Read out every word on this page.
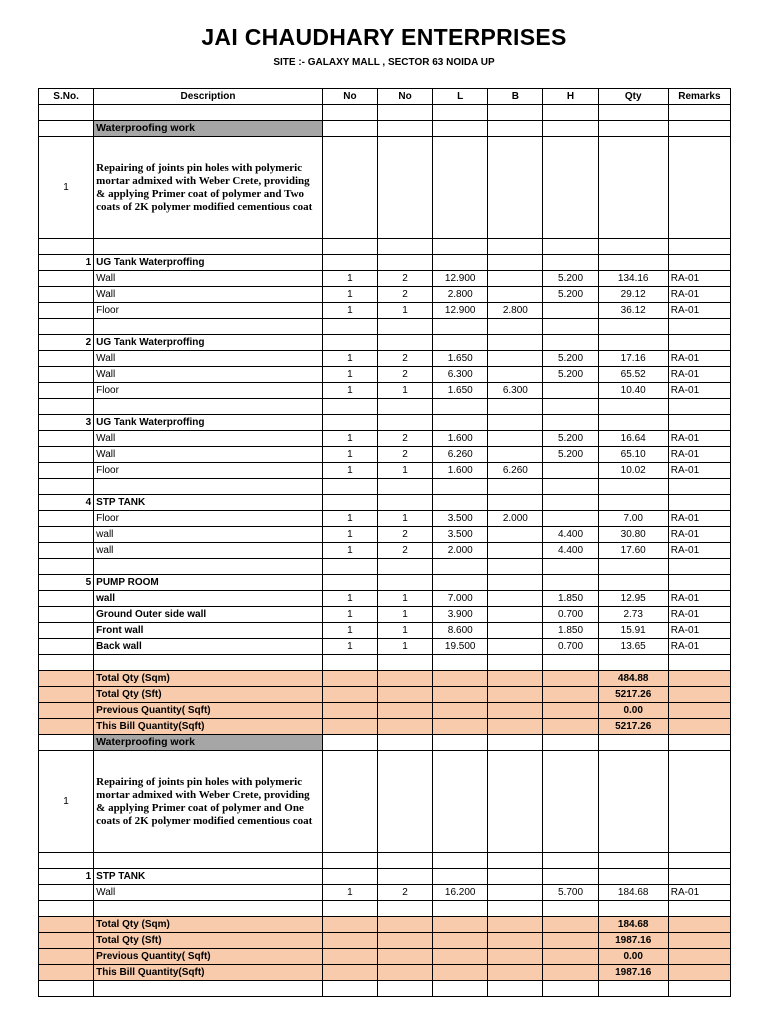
JAI CHAUDHARY ENTERPRISES
SITE :- GALAXY MALL , SECTOR 63 NOIDA UP
S.No.	Description	No	No	L	B	H	Qty	Remarks

	Waterproofing work							
1	Repairing of joints pin holes with polymeric mortar admixed with Weber Crete, providing & applying Primer coat of polymer and Two coats of 2K polymer modified cementious coat							

1	UG Tank Waterproffing							
	Wall	1	2	12.900		5.200	134.16	RA-01
	Wall	1	2	2.800		5.200	29.12	RA-01
	Floor	1	1	12.900	2.800		36.12	RA-01

2	UG Tank Waterproffing							
	Wall	1	2	1.650		5.200	17.16	RA-01
	Wall	1	2	6.300		5.200	65.52	RA-01
	Floor	1	1	1.650	6.300		10.40	RA-01

3	UG Tank Waterproffing							
	Wall	1	2	1.600		5.200	16.64	RA-01
	Wall	1	2	6.260		5.200	65.10	RA-01
	Floor	1	1	1.600	6.260		10.02	RA-01

4	STP TANK							
	Floor	1	1	3.500	2.000		7.00	RA-01
	wall	1	2	3.500		4.400	30.80	RA-01
	wall	1	2	2.000		4.400	17.60	RA-01

5	PUMP ROOM							
	wall	1	1	7.000		1.850	12.95	RA-01
	Ground Outer side wall	1	1	3.900		0.700	2.73	RA-01
	Front wall	1	1	8.600		1.850	15.91	RA-01
	Back wall	1	1	19.500		0.700	13.65	RA-01

	Total Qty (Sqm)						484.88	
	Total Qty (Sft)						5217.26	
	Previous Quantity( Sqft)						0.00	
	This Bill Quantity(Sqft)						5217.26	
	Waterproofing work							
1	Repairing of joints pin holes with polymeric mortar admixed with Weber Crete, providing & applying Primer coat of polymer and One coats of 2K polymer modified cementious coat							

1	STP TANK							
	Wall	1	2	16.200		5.700	184.68	RA-01

	Total Qty (Sqm)						184.68	
	Total Qty (Sft)						1987.16	
	Previous Quantity( Sqft)						0.00	
	This Bill Quantity(Sqft)						1987.16	
